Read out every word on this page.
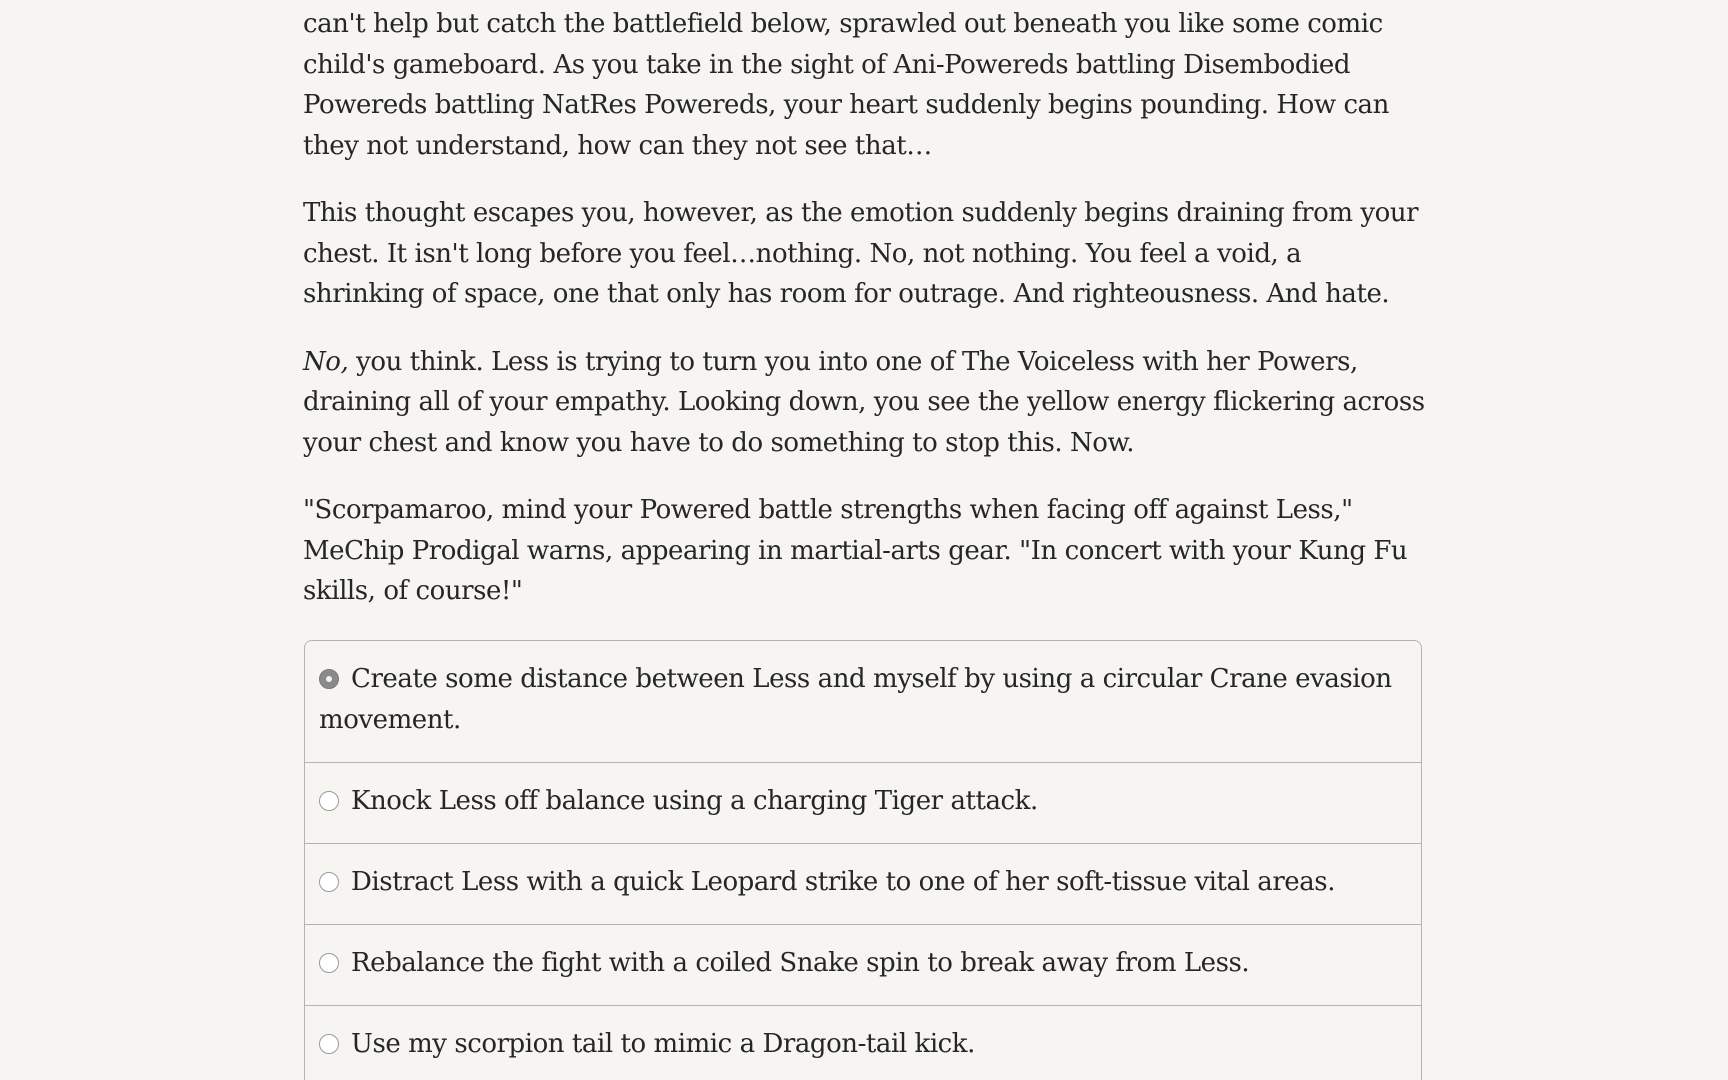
can't help but catch the battlefield below, sprawled out beneath you like some comic child's gameboard. As you take in the sight of Ani-Powereds battling Disembodied Powereds battling NatRes Powereds, your heart suddenly begins pounding. How can they not understand, how can they not see that…

This thought escapes you, however, as the emotion suddenly begins draining from your chest. It isn't long before you feel…nothing. No, not nothing. You feel a void, a shrinking of space, one that only has room for outrage. And righteousness. And hate.

No, you think. Less is trying to turn you into one of The Voiceless with her Powers, draining all of your empathy. Looking down, you see the yellow energy flickering across your chest and know you have to do something to stop this. Now.

"Scorpamaroo, mind your Powered battle strengths when facing off against Less," MeChip Prodigal warns, appearing in martial-arts gear. "In concert with your Kung Fu skills, of course!"

Create some distance between Less and myself by using a circular Crane evasion movement.
Knock Less off balance using a charging Tiger attack.
Distract Less with a quick Leopard strike to one of her soft-tissue vital areas.
Rebalance the fight with a coiled Snake spin to break away from Less.
Use my scorpion tail to mimic a Dragon-tail kick.
